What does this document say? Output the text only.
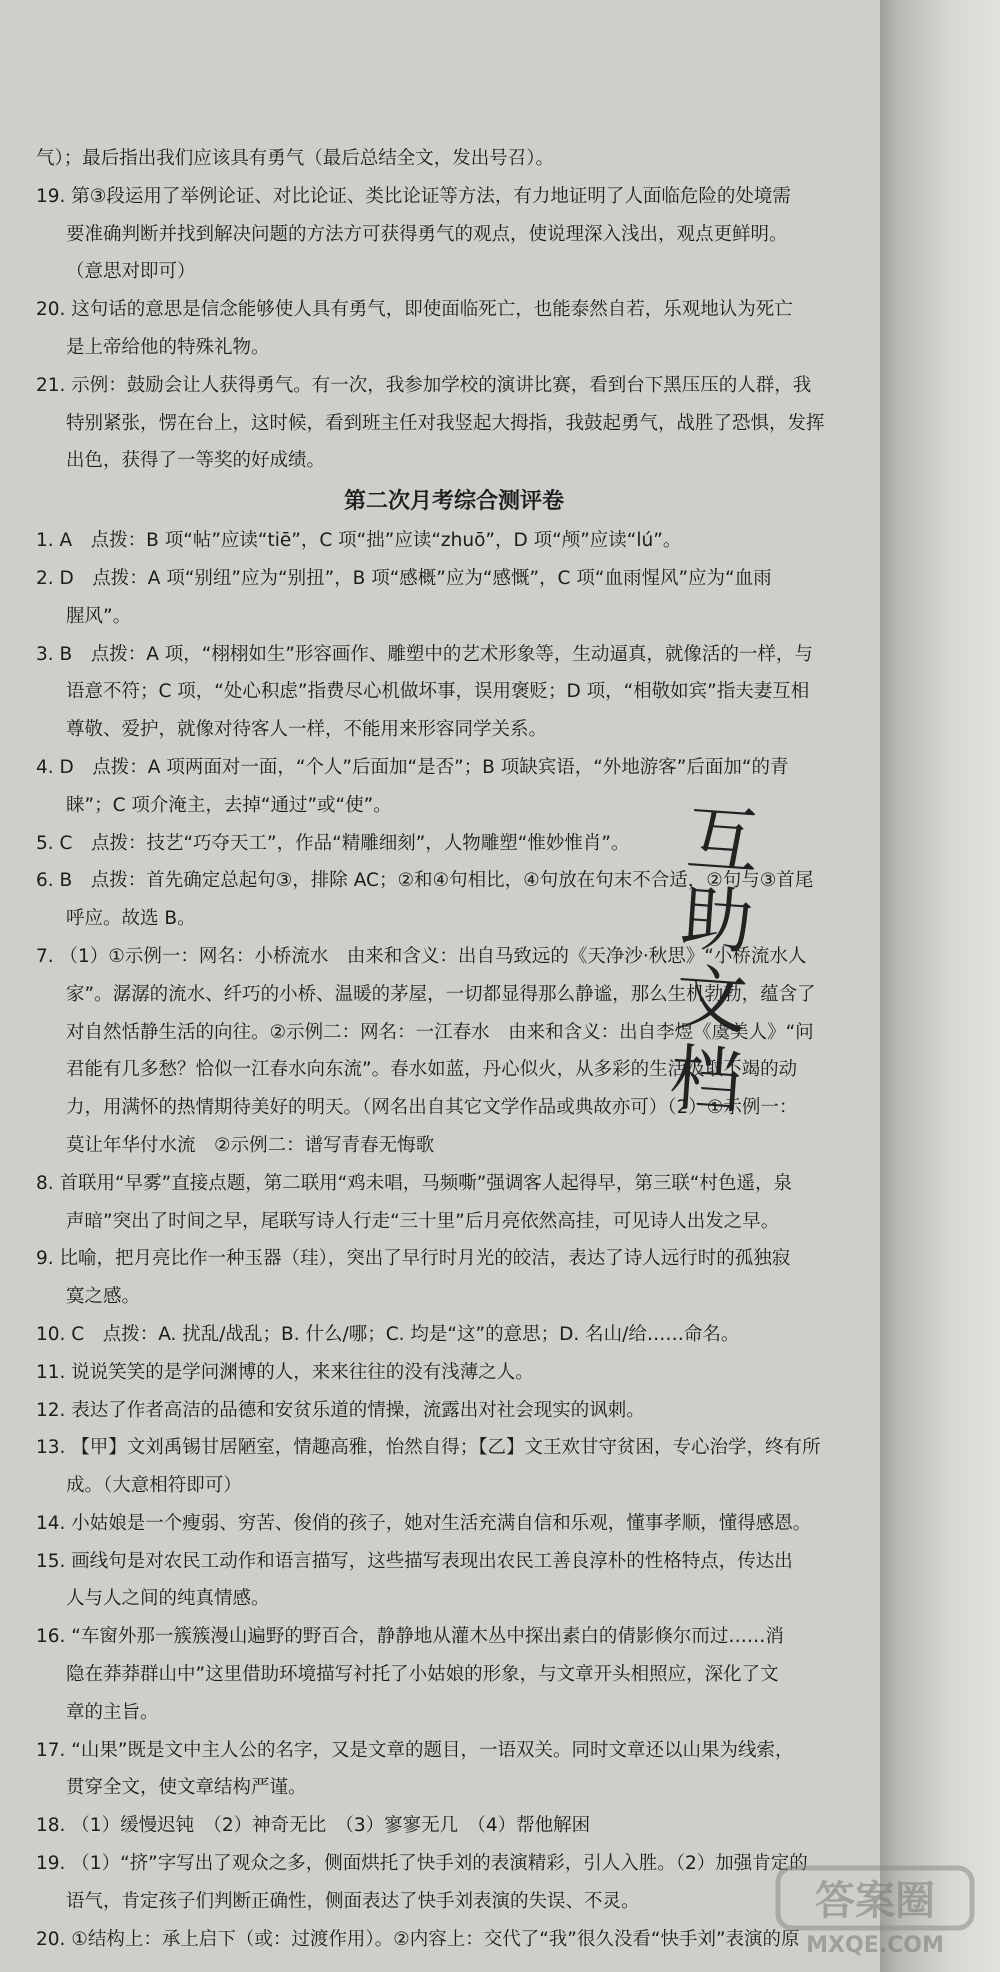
气）；最后指出我们应该具有勇气（最后总结全文，发出号召）。

19. 第③段运用了举例论证、对比论证、类比论证等方法，有力地证明了人面临危险的处境需

要准确判断并找到解决问题的方法方可获得勇气的观点，使说理深入浅出，观点更鲜明。

（意思对即可）

20. 这句话的意思是信念能够使人具有勇气，即使面临死亡，也能泰然自若，乐观地认为死亡

是上帝给他的特殊礼物。

21. 示例：鼓励会让人获得勇气。有一次，我参加学校的演讲比赛，看到台下黑压压的人群，我

特别紧张，愣在台上，这时候，看到班主任对我竖起大拇指，我鼓起勇气，战胜了恐惧，发挥

出色，获得了一等奖的好成绩。

第二次月考综合测评卷

1. A　点拨：B 项“帖”应读“tiē”，C 项“拙”应读“zhuō”，D 项“颅”应读“lú”。

2. D　点拨：A 项“别纽”应为“别扭”，B 项“感概”应为“感慨”，C 项“血雨惺风”应为“血雨

腥风”。

3. B　点拨：A 项，“栩栩如生”形容画作、雕塑中的艺术形象等，生动逼真，就像活的一样，与

语意不符；C 项，“处心积虑”指费尽心机做坏事，误用褒贬；D 项，“相敬如宾”指夫妻互相

尊敬、爱护，就像对待客人一样，不能用来形容同学关系。

4. D　点拨：A 项两面对一面，“个人”后面加“是否”；B 项缺宾语，“外地游客”后面加“的青

睐”；C 项介淹主，去掉“通过”或“使”。

5. C　点拨：技艺“巧夺天工”，作品“精雕细刻”，人物雕塑“惟妙惟肖”。

6. B　点拨：首先确定总起句③，排除 AC；②和④句相比，④句放在句末不合适，②句与③首尾

呼应。故选 B。

7. （1）①示例一：网名：小桥流水　由来和含义：出自马致远的《天净沙·秋思》“小桥流水人

家”。潺潺的流水、纤巧的小桥、温暖的茅屋，一切都显得那么静谧，那么生机勃勃，蕴含了

对自然恬静生活的向往。②示例二：网名：一江春水　由来和含义：出自李煜《虞美人》“问

君能有几多愁？恰似一江春水向东流”。春水如蓝，丹心似火，从多彩的生活汲取不竭的动

力，用满怀的热情期待美好的明天。（网名出自其它文学作品或典故亦可）（2）①示例一：

莫让年华付水流　②示例二：谱写青春无悔歌

8. 首联用“早雾”直接点题，第二联用“鸡未唱，马频嘶”强调客人起得早，第三联“村色遥，泉

声暗”突出了时间之早，尾联写诗人行走“三十里”后月亮依然高挂，可见诗人出发之早。

9. 比喻，把月亮比作一种玉器（珪），突出了早行时月光的皎洁，表达了诗人远行时的孤独寂

寞之感。

10. C　点拨：A. 扰乱/战乱；B. 什么/哪；C. 均是“这”的意思；D. 名山/给……命名。

11. 说说笑笑的是学问渊博的人，来来往往的没有浅薄之人。

12. 表达了作者高洁的品德和安贫乐道的情操，流露出对社会现实的讽刺。

13. 【甲】文刘禹锡甘居陋室，情趣高雅，怡然自得；【乙】文王欢甘守贫困，专心治学，终有所

成。（大意相符即可）

14. 小姑娘是一个瘦弱、穷苦、俊俏的孩子，她对生活充满自信和乐观，懂事孝顺，懂得感恩。

15. 画线句是对农民工动作和语言描写，这些描写表现出农民工善良淳朴的性格特点，传达出

人与人之间的纯真情感。

16. “车窗外那一簇簇漫山遍野的野百合，静静地从灌木丛中探出素白的倩影倏尔而过……消

隐在莽莽群山中”这里借助环境描写衬托了小姑娘的形象，与文章开头相照应，深化了文

章的主旨。

17. “山果”既是文中主人公的名字，又是文章的题目，一语双关。同时文章还以山果为线索，

贯穿全文，使文章结构严谨。

18. （1）缓慢迟钝　（2）神奇无比　（3）寥寥无几　（4）帮他解困

19. （1）“挤”字写出了观众之多，侧面烘托了快手刘的表演精彩，引人入胜。（2）加强肯定的

语气，肯定孩子们判断正确性，侧面表达了快手刘表演的失误、不灵。

20. ①结构上：承上启下（或：过渡作用）。②内容上：交代了“我”很久没看“快手刘”表演的原

互
助
文
档
答案圈
MXQE.COM
